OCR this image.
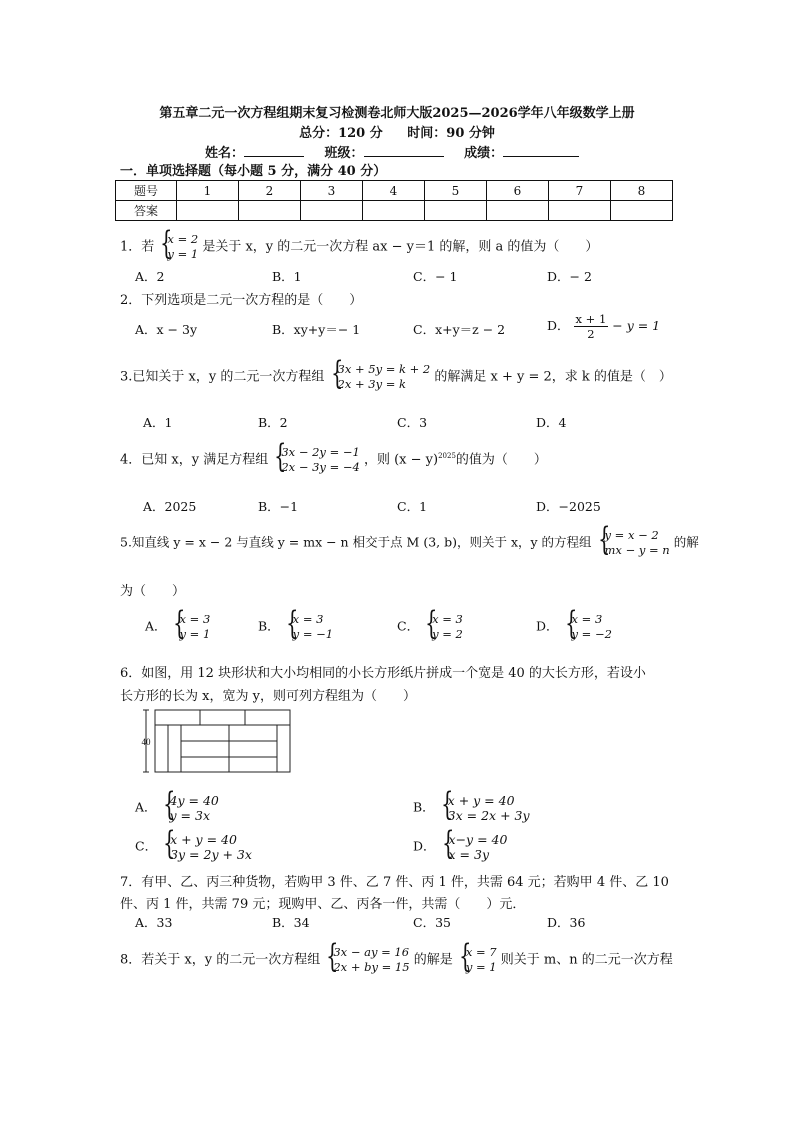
第五章二元一次方程组期末复习检测卷北师大版2025—2026学年八年级数学上册
总分：120 分 时间：90 分钟
姓名：	班级：	成绩：
一．单项选择题（每小题 5 分，满分 40 分）
题号	1	2	3	4	5	6	7	8
答案								
1．若
{ x = 2
y = 1 是关于 x，y 的二元一次方程 ax − y＝1 的解，则 a 的值为（　　）
A．2	B．1	C．− 1	D．− 2
2．下列选项是二元一次方程的是（　　）
A．x − 3y	B．xy+y＝− 1	C．x+y＝z − 2	D． $\frac{x + 1}{2} - y = 1$
3.已知关于 x，y 的二元一次方程组
{ 3x + 5y = k + 2
2x + 3y = k	的解满足 x + y = 2，求 k 的值是（　）
A．1	B．2	C．3	D．4
4．已知 x，y 满足方程组
{ 3x − 2y = −1
2x − 3y = −4 ，则 $(x - y)^{2025}$的值为（　　）
A．2025	B．−1	C．1	D．−2025
5.知直线 y = x − 2 与直线 y = mx − n 相交于点 M (3, b)，则关于 x，y 的方程组 { y = x − 2
mx − y = n
的解
为（　　）
A． { x = 3
y = 1
B． { x = 3
y = −1
C． { x = 3
y = 2
D． { x = 3
y = −2
6．如图，用 12 块形状和大小均相同的小长方形纸片拼成一个宽是 40 的大长方形，若设小
长方形的长为 x，宽为 y，则可列方程组为（　　）
40
A． { 4y = 40
y = 3x
B． { x + y = 40
3x = 2x + 3y
C． { x + y = 40
3y = 2y + 3x
D． { x−y = 40
x = 3y
7．有甲、乙、丙三种货物，若购甲 3 件、乙 7 件、丙 1 件，共需 64 元；若购甲 4 件、乙 10
件、丙 1 件，共需 79 元；现购甲、乙、丙各一件，共需（　　）元．
A．33	B．34	C．35	D．36
8．若关于 x，y 的二元一次方程组
{ 3x − ay = 16
2x + by = 15 的解是
{ x = 7
y = 1 则关于 m、n 的二元一次方程
